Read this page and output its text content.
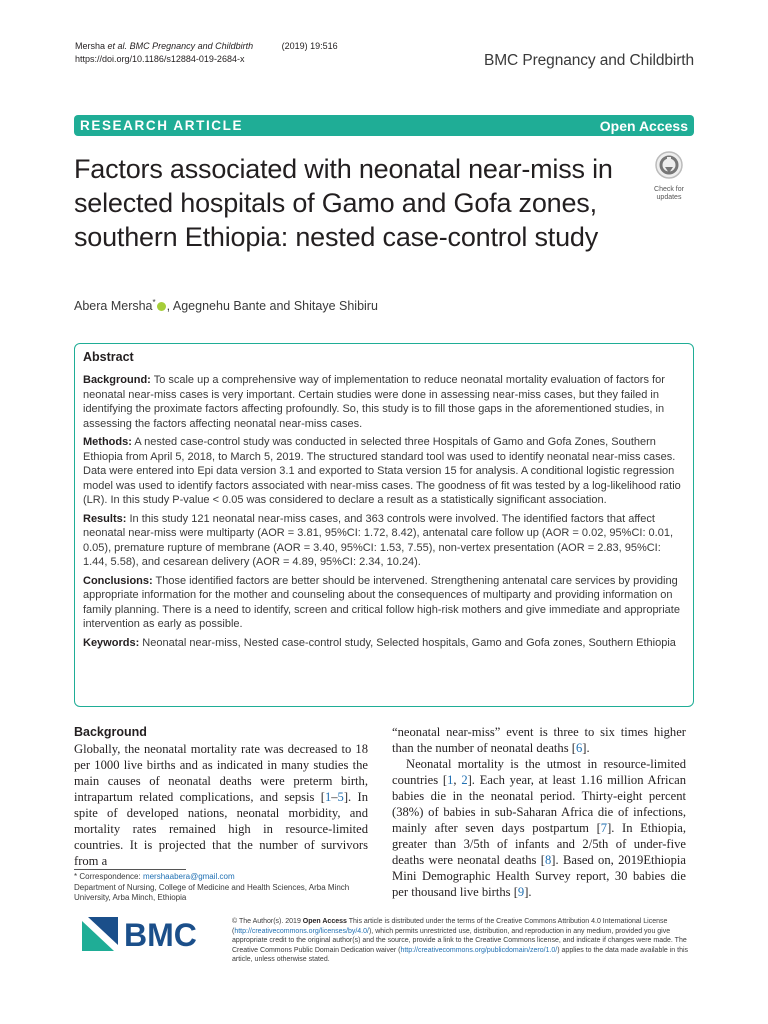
Mersha et al. BMC Pregnancy and Childbirth	(2019) 19:516
https://doi.org/10.1186/s12884-019-2684-x	BMC Pregnancy and Childbirth
RESEARCH ARTICLE	Open Access
Factors associated with neonatal near-miss in selected hospitals of Gamo and Gofa zones, southern Ethiopia: nested case-control study
Check for
updates
Abera Mersha* , Agegnehu Bante and Shitaye Shibiru
Abstract

Background: To scale up a comprehensive way of implementation to reduce neonatal mortality evaluation of factors for neonatal near-miss cases is very important. Certain studies were done in assessing near-miss cases, but they failed in identifying the proximate factors affecting profoundly. So, this study is to fill those gaps in the aforementioned studies, in assessing the factors affecting neonatal near-miss cases.

Methods: A nested case-control study was conducted in selected three Hospitals of Gamo and Gofa Zones, Southern Ethiopia from April 5, 2018, to March 5, 2019. The structured standard tool was used to identify neonatal near-miss cases. Data were entered into Epi data version 3.1 and exported to Stata version 15 for analysis. A conditional logistic regression model was used to identify factors associated with near-miss cases. The goodness of fit was tested by a log-likelihood ratio (LR). In this study P-value < 0.05 was considered to declare a result as a statistically significant association.

Results: In this study 121 neonatal near-miss cases, and 363 controls were involved. The identified factors that affect neonatal near-miss were multiparty (AOR = 3.81, 95%CI: 1.72, 8.42), antenatal care follow up (AOR = 0.02, 95%CI: 0.01, 0.05), premature rupture of membrane (AOR = 3.40, 95%CI: 1.53, 7.55), non-vertex presentation (AOR = 2.83, 95%CI: 1.44, 5.58), and cesarean delivery (AOR = 4.89, 95%CI: 2.34, 10.24).

Conclusions: Those identified factors are better should be intervened. Strengthening antenatal care services by providing appropriate information for the mother and counseling about the consequences of multiparty and providing information on family planning. There is a need to identify, screen and critical follow high-risk mothers and give immediate and appropriate intervention as early as possible.

Keywords: Neonatal near-miss, Nested case-control study, Selected hospitals, Gamo and Gofa zones, Southern Ethiopia

Background

Globally, the neonatal mortality rate was decreased to 18 per 1000 live births and as indicated in many studies the main causes of neonatal deaths were preterm birth, intrapartum related complications, and sepsis [1–5]. In spite of developed nations, neonatal morbidity, and mortality rates remained high in resource-limited countries. It is projected that the number of survivors from a

“neonatal near-miss” event is three to six times higher than the number of neonatal deaths [6].

Neonatal mortality is the utmost in resource-limited countries [1, 2]. Each year, at least 1.16 million African babies die in the neonatal period. Thirty-eight percent (38%) of babies in sub-Saharan Africa die of infections, mainly after seven days postpartum [7]. In Ethiopia, greater than 3/5th of infants and 2/5th of under-five deaths were neonatal deaths [8]. Based on, 2019Ethiopia Mini Demographic Health Survey report, 30 babies die per thousand live births [9].

* Correspondence: mershaabera@gmail.com
Department of Nursing, College of Medicine and Health Sciences, Arba Minch University, Arba Minch, Ethiopia
BMC	© The Author(s). 2019 Open Access This article is distributed under the terms of the Creative Commons Attribution 4.0 International License (http://creativecommons.org/licenses/by/4.0/), which permits unrestricted use, distribution, and reproduction in any medium, provided you give appropriate credit to the original author(s) and the source, provide a link to the Creative Commons license, and indicate if changes were made. The Creative Commons Public Domain Dedication waiver (http://creativecommons.org/publicdomain/zero/1.0/) applies to the data made available in this article, unless otherwise stated.
